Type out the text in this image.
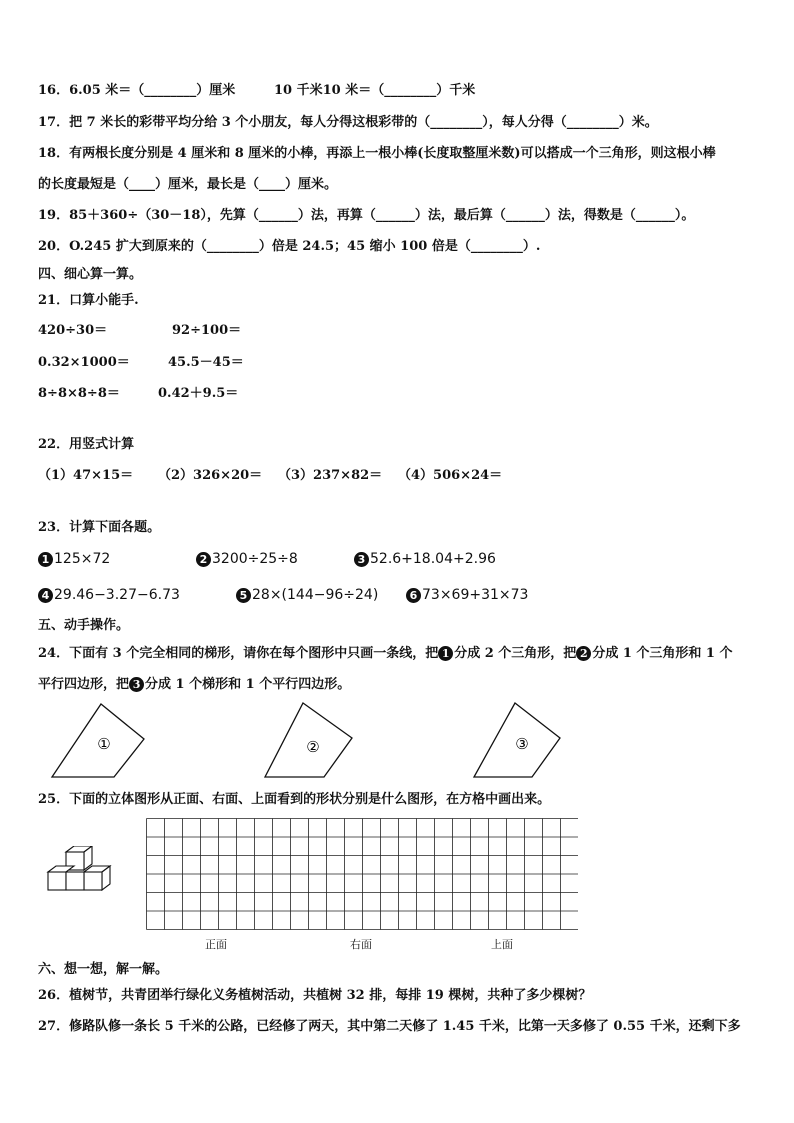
16．6.05 米＝（________）厘米	10 千米10 米＝（________）千米
17．把 7 米长的彩带平均分给 3 个小朋友，每人分得这根彩带的（________），每人分得（________）米。
18．有两根长度分别是 4 厘米和 8 厘米的小棒，再添上一根小棒(长度取整厘米数)可以搭成一个三角形，则这根小棒
的长度最短是（____）厘米，最长是（____）厘米。
19．85＋360÷（30－18），先算（______）法，再算（______）法，最后算（______）法，得数是（______）。
20．O.245 扩大到原来的（________）倍是 24.5；45 缩小 100 倍是（________）.
四、细心算一算。
21．口算小能手.
420÷30＝	92÷100＝
0.32×1000＝	45.5－45＝
8÷8×8÷8＝	0.42＋9.5＝
22．用竖式计算
（1）47×15＝ （2）326×20＝ （3）237×82＝ （4）506×24＝
23．计算下面各题。
1 125×72	2 3200÷25÷8	3 52.6+18.04+2.96
4 29.46−3.27−6.73	5 28×(144−96÷24)	6 73×69+31×73
五、动手操作。
24．下面有 3 个完全相同的梯形，请你在每个图形中只画一条线，把 1 分成 2 个三角形，把 2 分成 1 个三角形和 1 个
平行四边形，把 3 分成 1 个梯形和 1 个平行四边形。
①	②	③
25．下面的立体图形从正面、右面、上面看到的形状分别是什么图形，在方格中画出来。
正面	右面	上面
六、想一想，解一解。
26．植树节，共青团举行绿化义务植树活动，共植树 32 排，每排 19 棵树，共种了多少棵树？
27．修路队修一条长 5 千米的公路，已经修了两天，其中第二天修了 1.45 千米，比第一天多修了 0.55 千米，还剩下多
